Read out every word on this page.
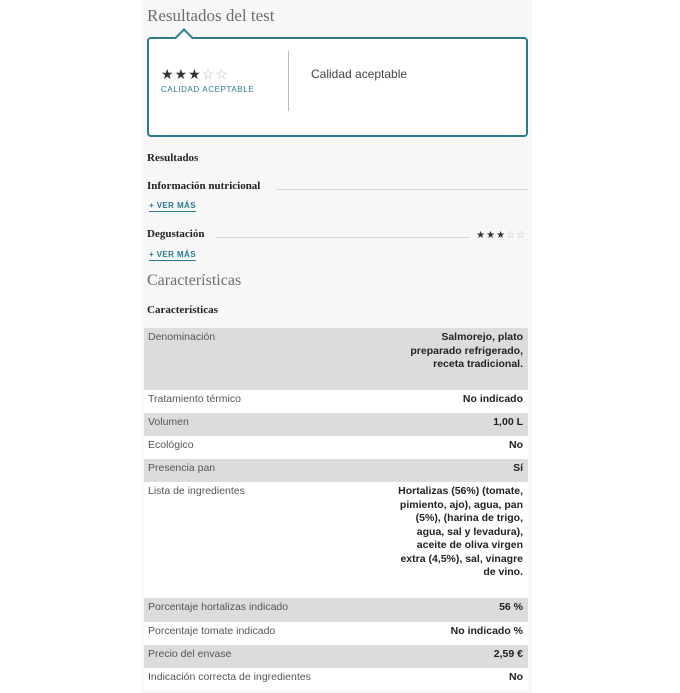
Resultados del test
★★★☆☆
CALIDAD ACEPTABLE
Calidad aceptable
Resultados
Información nutricional
+ VER MÁS
Degustación	★★★☆☆
+ VER MÁS
Características
Características
Denominación	Salmorejo, plato preparado refrigerado, receta tradicional.
Tratamiento térmico	No indicado
Volumen	1,00 L
Ecológico	No
Presencia pan	Sí
Lista de ingredientes	Hortalizas (56%) (tomate, pimiento, ajo), agua, pan (5%), (harina de trigo, agua, sal y levadura), aceite de oliva virgen extra (4,5%), sal, vinagre de vino.
Porcentaje hortalizas indicado	56 %
Porcentaje tomate indicado	No indicado %
Precio del envase	2,59 €
Indicación correcta de ingredientes	No
